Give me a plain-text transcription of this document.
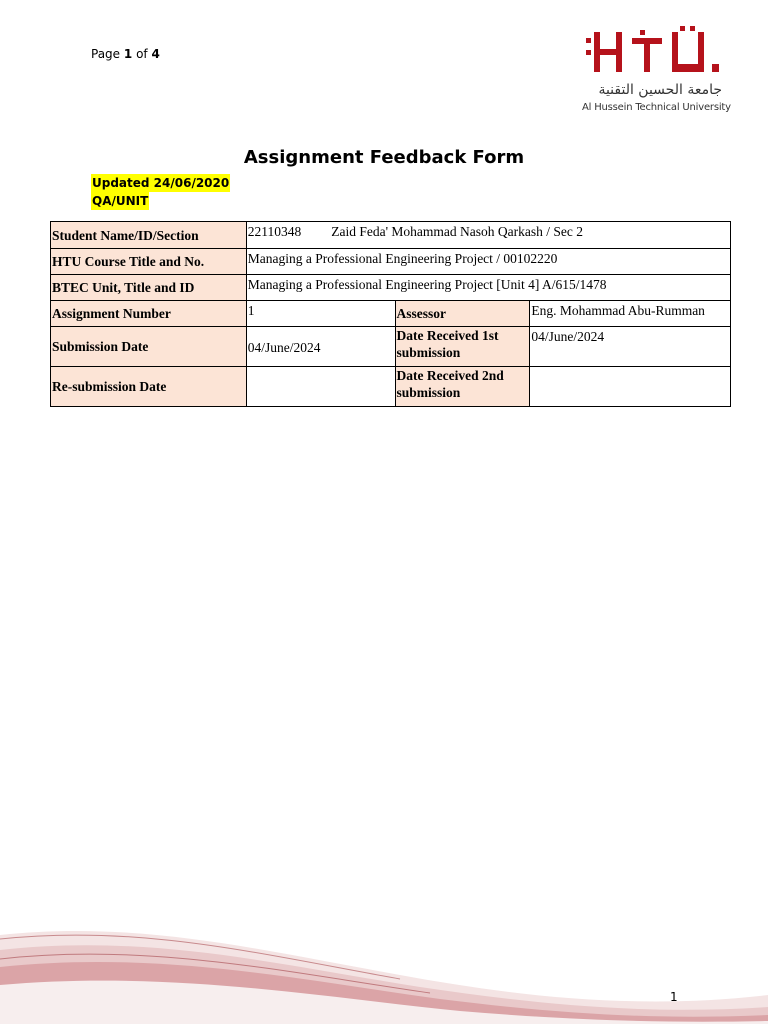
Page 1 of 4
جامعة الحسين التقنية
Al Hussein Technical University
Assignment Feedback Form
Updated 24/06/2020
QA/UNIT
Student Name/ID/Section	22110348 Zaid Feda' Mohammad Nasoh Qarkash / Sec 2		
HTU Course Title and No.	Managing a Professional Engineering Project / 00102220		
BTEC Unit, Title and ID	Managing a Professional Engineering Project [Unit 4] A/615/1478		
Assignment Number	1	Assessor	Eng. Mohammad Abu-Rumman
Submission Date	04/June/2024	Date Received 1st submission	04/June/2024
Re-submission Date		Date Received 2nd submission	
1
